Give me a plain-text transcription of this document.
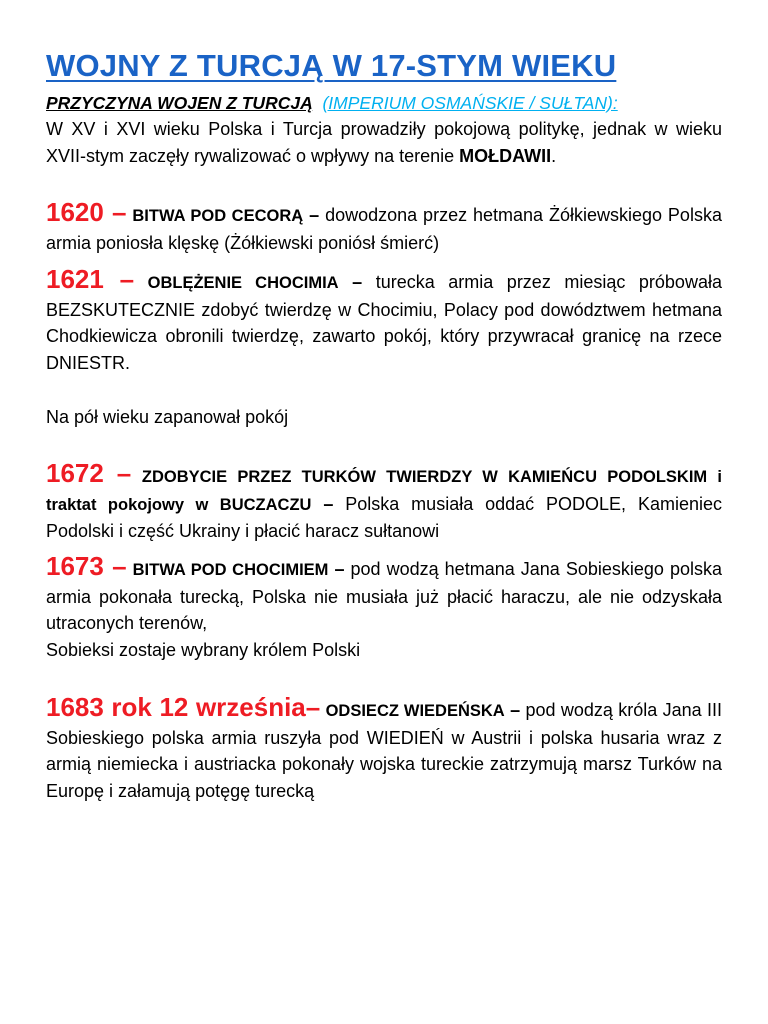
WOJNY Z TURCJĄ W 17-STYM WIEKU
PRZYCZYNA WOJEN Z TURCJĄ (IMPERIUM OSMAŃSKIE / SUŁTAN):

W XV i XVI wieku Polska i Turcja prowadziły pokojową politykę, jednak w wieku XVII-stym zaczęły rywalizować o wpływy na terenie MOŁDAWII.

1620 – BITWA POD CECORĄ – dowodzona przez hetmana Żółkiewskiego Polska armia poniosła klęskę (Żółkiewski poniósł śmierć)

1621 – OBLĘŻENIE CHOCIMIA – turecka armia przez miesiąc próbowała BEZSKUTECZNIE zdobyć twierdzę w Chocimiu, Polacy pod dowództwem hetmana Chodkiewicza obronili twierdzę, zawarto pokój, który przywracał granicę na rzece DNIESTR.

Na pół wieku zapanował pokój

1672 – ZDOBYCIE PRZEZ TURKÓW TWIERDZY W KAMIEŃCU PODOLSKIM i traktat pokojowy w BUCZACZU – Polska musiała oddać PODOLE, Kamieniec Podolski i część Ukrainy i płacić haracz sułtanowi

1673 – BITWA POD CHOCIMIEM – pod wodzą hetmana Jana Sobieskiego polska armia pokonała turecką, Polska nie musiała już płacić haraczu, ale nie odzyskała utraconych terenów,

Sobieksi zostaje wybrany królem Polski

1683 rok 12 września– ODSIECZ WIEDEŃSKA – pod wodzą króla Jana III Sobieskiego polska armia ruszyła pod WIEDIEŃ w Austrii i polska husaria wraz z armią niemiecka i austriacka pokonały wojska tureckie zatrzymują marsz Turków na Europę i załamują potęgę turecką
